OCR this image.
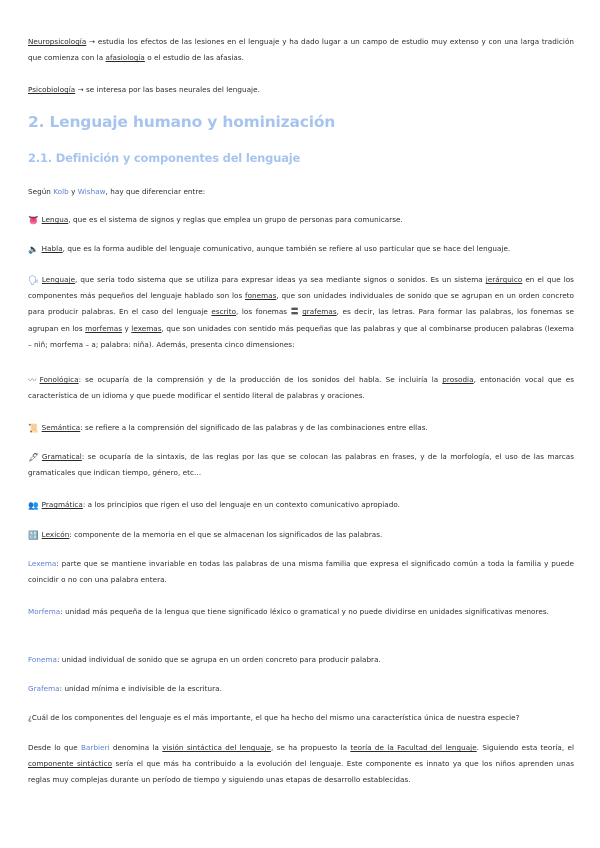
Neuropsicología → estudia los efectos de las lesiones en el lenguaje y ha dado lugar a un campo de estudio muy extenso y con una larga tradición que comienza con la afasiología o el estudio de las afasias.
Psicobiología → se interesa por las bases neurales del lenguaje.
2. Lenguaje humano y hominización
2.1. Definición y componentes del lenguaje
Según Kolb y Wishaw, hay que diferenciar entre:
👅 Lengua, que es el sistema de signos y reglas que emplea un grupo de personas para comunicarse.
🔈 Habla, que es la forma audible del lenguaje comunicativo, aunque también se refiere al uso particular que se hace del lenguaje.
🗣 Lenguaje, que sería todo sistema que se utiliza para expresar ideas ya sea mediante signos o sonidos. Es un sistema jerárquico en el que los componentes más pequeños del lenguaje hablado son los fonemas, que son unidades individuales de sonido que se agrupan en un orden concreto para producir palabras. En el caso del lenguaje escrito, los fonemas 〓 grafemas, es decir, las letras. Para formar las palabras, los fonemas se agrupan en los morfemas y lexemas, que son unidades con sentido más pequeñas que las palabras y que al combinarse producen palabras (lexema – niñ; morfema – a; palabra: niña). Además, presenta cinco dimensiones:
〰 Fonológica: se ocuparía de la comprensión y de la producción de los sonidos del habla. Se incluiría la prosodia, entonación vocal que es característica de un idioma y que puede modificar el sentido literal de palabras y oraciones.
📜 Semántica: se refiere a la comprensión del significado de las palabras y de las combinaciones entre ellas.
🖋 Gramatical: se ocuparía de la sintaxis, de las reglas por las que se colocan las palabras en frases, y de la morfología, el uso de las marcas gramaticales que indican tiempo, género, etc…
👥 Pragmática: a los principios que rigen el uso del lenguaje en un contexto comunicativo apropiado.
🔠 Lexicón: componente de la memoria en el que se almacenan los significados de las palabras.
Lexema: parte que se mantiene invariable en todas las palabras de una misma familia que expresa el significado común a toda la familia y puede coincidir o no con una palabra entera.
Morfema: unidad más pequeña de la lengua que tiene significado léxico o gramatical y no puede dividirse en unidades significativas menores.
Fonema: unidad individual de sonido que se agrupa en un orden concreto para producir palabra.
Grafema: unidad mínima e indivisible de la escritura.
¿Cuál de los componentes del lenguaje es el más importante, el que ha hecho del mismo una característica única de nuestra especie?
Desde lo que Barbieri denomina la visión sintáctica del lenguaje, se ha propuesto la teoría de la Facultad del lenguaje. Siguiendo esta teoría, el componente sintáctico sería el que más ha contribuido a la evolución del lenguaje. Este componente es innato ya que los niños aprenden unas reglas muy complejas durante un período de tiempo y siguiendo unas etapas de desarrollo establecidas.
